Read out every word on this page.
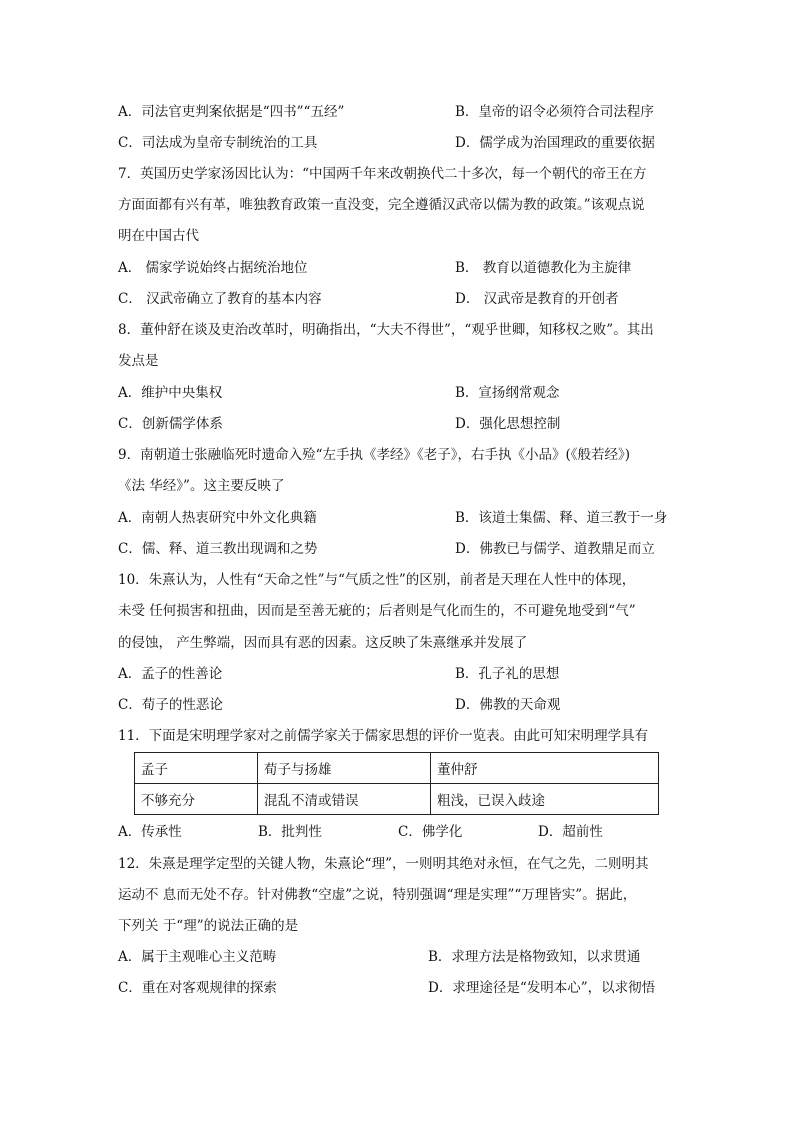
A．司法官吏判案依据是“四书”“五经”	B．皇帝的诏令必须符合司法程序
C．司法成为皇帝专制统治的工具	D．儒学成为治国理政的重要依据
7．英国历史学家汤因比认为：“中国两千年来改朝换代二十多次，每一个朝代的帝王在方
方面面都有兴有革，唯独教育政策一直没变，完全遵循汉武帝以儒为教的政策。”该观点说
明在中国古代
A． 儒家学说始终占据统治地位	B． 教育以道德教化为主旋律
C． 汉武帝确立了教育的基本内容	D． 汉武帝是教育的开创者
8．董仲舒在谈及吏治改革时，明确指出，“大夫不得世”，“观乎世卿，知移权之败”。其出
发点是
A．维护中央集权	B．宣扬纲常观念
C．创新儒学体系	D．强化思想控制
9．南朝道士张融临死时遗命入殓“左手执《孝经》《老子》，右手执《小品》(《般若经》)
《法 华经》”。这主要反映了
A．南朝人热衷研究中外文化典籍	B．该道士集儒、释、道三教于一身
C．儒、释、道三教出现调和之势	D．佛教已与儒学、道教鼎足而立
10．朱熹认为，人性有“天命之性”与“气质之性”的区别，前者是天理在人性中的体现，
未受 任何损害和扭曲，因而是至善无疵的；后者则是气化而生的，不可避免地受到“气”
的侵蚀， 产生弊端，因而具有恶的因素。这反映了朱熹继承并发展了
A．孟子的性善论	B．孔子礼的思想
C．荀子的性恶论	D．佛教的天命观
11．下面是宋明理学家对之前儒学家关于儒家思想的评价一览表。由此可知宋明理学具有
孟子	荀子与扬雄	董仲舒
不够充分	混乱不清或错误	粗浅，已误入歧途
A．传承性	B．批判性	C．佛学化	D．超前性
12．朱熹是理学定型的关键人物，朱熹论“理”，一则明其绝对永恒，在气之先，二则明其
运动不 息而无处不存。针对佛教“空虚”之说，特别强调“理是实理”“万理皆实”。据此，
下列关 于“理”的说法正确的是
A．属于主观唯心主义范畴	B．求理方法是格物致知，以求贯通
C．重在对客观规律的探索	D．求理途径是“发明本心”，以求彻悟
